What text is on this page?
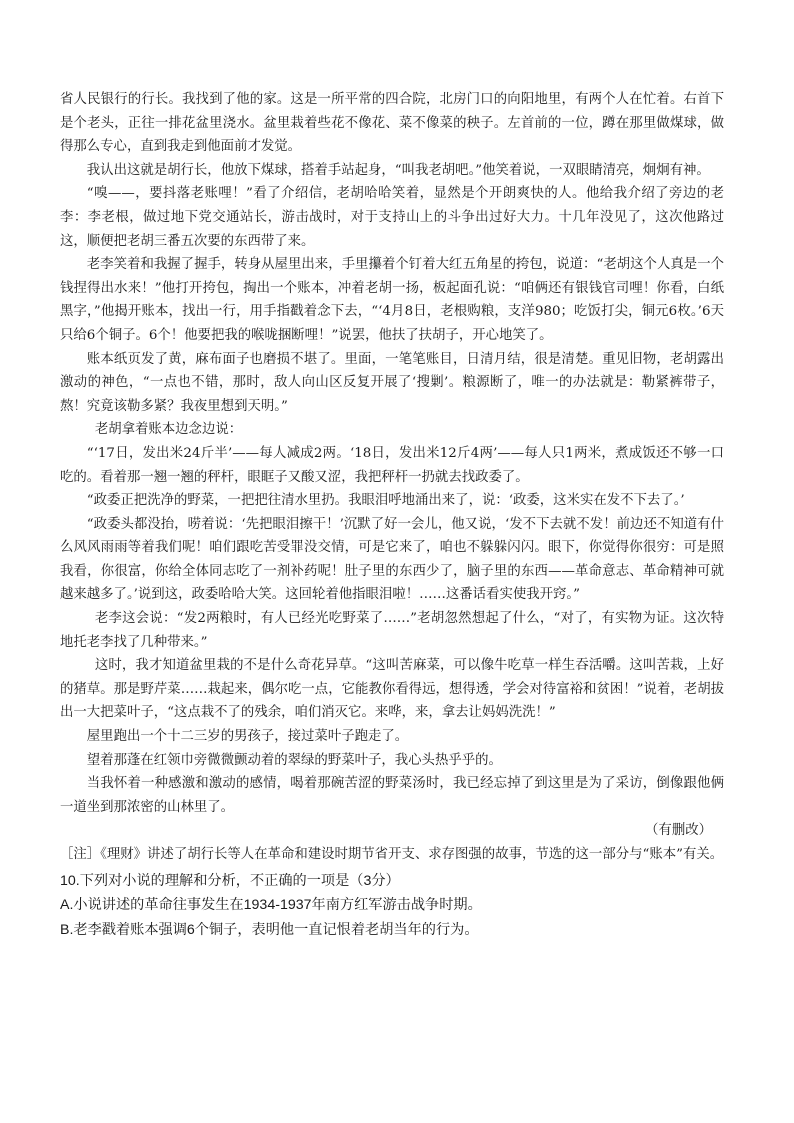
省人民银行的行长。我找到了他的家。这是一所平常的四合院，北房门口的向阳地里，有两个人在忙着。右首下是个老头，正往一排花盆里浇水。盆里栽着些花不像花、菜不像菜的秧子。左首前的一位，蹲在那里做煤球，做得那么专心，直到我走到他面前才发觉。

我认出这就是胡行长，他放下煤球，搭着手站起身，“叫我老胡吧。”他笑着说，一双眼睛清亮，炯炯有神。

“嗅——，要抖落老账哩！”看了介绍信，老胡哈哈笑着，显然是个开朗爽快的人。他给我介绍了旁边的老李：李老根，做过地下党交通站长，游击战时，对于支持山上的斗争出过好大力。十几年没见了，这次他路过这，顺便把老胡三番五次要的东西带了来。

老李笑着和我握了握手，转身从屋里出来，手里攥着个钉着大红五角星的挎包，说道：“老胡这个人真是一个钱捏得出水来！”他打开挎包，掏出一个账本，冲着老胡一扬，板起面孔说：“咱俩还有银钱官司哩！你看，白纸黑字，”他揭开账本，找出一行，用手指戳着念下去，“‘4月8日，老根购粮，支洋980；吃饭打尖，铜元6枚。’6天只给6个铜子。6个！他要把我的喉咙捆断哩！”说罢，他扶了扶胡子，开心地笑了。

账本纸页发了黄，麻布面子也磨损不堪了。里面，一笔笔账目，日清月结，很是清楚。重见旧物，老胡露出激动的神色，“一点也不错，那时，敌人向山区反复开展了‘搜剿’。粮源断了，唯一的办法就是：勒紧裤带子，熬！究竟该勒多紧？我夜里想到天明。”

老胡拿着账本边念边说：

“‘17日，发出米24斤半’——每人减成2两。‘18日，发出米12斤4两’——每人只1两米，煮成饭还不够一口吃的。看着那一翘一翘的秤杆，眼眶子又酸又涩，我把秤杆一扔就去找政委了。

“政委正把洗净的野菜，一把把往清水里扔。我眼泪呼地涌出来了，说：‘政委，这米实在发不下去了。’

“政委头都没抬，唠着说：‘先把眼泪擦干！’沉默了好一会儿，他又说，‘发不下去就不发！前边还不知道有什么风风雨雨等着我们呢！咱们跟吃苦受罪没交情，可是它来了，咱也不躲躲闪闪。眼下，你觉得你很穷：可是照我看，你很富，你给全体同志吃了一剂补药呢！肚子里的东西少了，脑子里的东西——革命意志、革命精神可就越来越多了。’说到这，政委哈哈大笑。这回轮着他指眼泪啦！……这番话看实使我开窍。”

老李这会说：“发2两粮时，有人已经光吃野菜了……”老胡忽然想起了什么，“对了，有实物为证。这次特地托老李找了几种带来。”

这时，我才知道盆里栽的不是什么奇花异草。“这叫苦麻菜，可以像牛吃草一样生吞活嚼。这叫苦栽，上好的猪草。那是野芹菜……栽起来，偶尔吃一点，它能教你看得远，想得透，学会对待富裕和贫困！”说着，老胡拔出一大把菜叶子，“这点栽不了的残余，咱们消灭它。来哗，来，拿去让妈妈洗洗！”

屋里跑出一个十二三岁的男孩子，接过菜叶子跑走了。

望着那蓬在红领巾旁微微颤动着的翠绿的野菜叶子，我心头热乎乎的。

当我怀着一种感激和激动的感情，喝着那碗苦涩的野菜汤时，我已经忘掉了到这里是为了采访，倒像跟他俩一道坐到那浓密的山林里了。

（有删改）

［注］《理财》讲述了胡行长等人在革命和建设时期节省开支、求存图强的故事，节选的这一部分与“账本”有关。

10.下列对小说的理解和分析，不正确的一项是（3分）

A.小说讲述的革命往事发生在1934-1937年南方红军游击战争时期。

B.老李戳着账本强调6个铜子，表明他一直记恨着老胡当年的行为。
